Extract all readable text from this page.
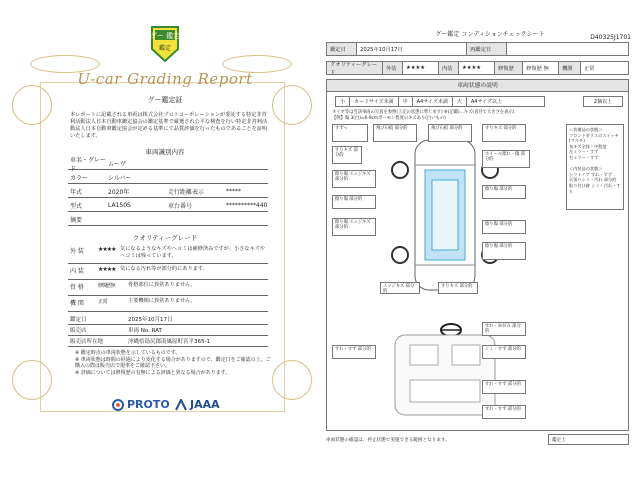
グー 鑑定
鑑定
U-car Grading Report
グー鑑定証
本レポートに記載される車両は株式会社プロトコーポレーションが委託する特定非営利活動法人日本自動車鑑定協会の鑑定基準で厳選され公平な検査を行い特定非営利活動法人日本自動車鑑定協会が定める基準にて品質評価を行ったものであることを証明いたします。
車両識別内容
車名・グレード
ムーヴ
カラー	シルバー
年式	2020年	走行距離表示	*****
型式	LA150S	車台番号	**********440
摘要
クオリティーグレード
外 装	★★★★ 気になるようなキズやヘコミは補修済みですが、小さなキズやヘコミは残っています。
内 装	★★★★ 気になる汚れ等が部分的にあります。
骨 格	修復歴 無	骨格部位に異常ありません。
機 関	正 常	主要機関に異常ありません。
鑑定日	2025年10月17日
販売店	車両 No. RAT
販売店所在地	沖縄県島尻郡南風原町宮平365-1
※ 鑑定時点の車両状態を示しているものです。
※ 車両状態は時間の経過により変化する場合がありますので、鑑定日をご確認の上、ご購入の際は販売店で現車をご確認下さい。
※ 評価については修復歴の有無による評価と異なる場合があります。
PROTO JAAA
グー鑑定 コンディションチェックシート	D40325J1701
鑑定日	2025年10月17日	再鑑定日
クオリティーグレード
外装	★★★★	内装	★★★★	修復歴	修復歴 無	機関	正常
車両状態の説明
小	カードサイズ未満	中	A4サイズ未満	大	A4サイズ以上	2個以上
タイヤ等は当該車両の写真を参照(上記の状態に準じます) ※(記載)…キズ(直径で大きさを表示)
【例】傷 3(白)=6-9cmボーモン程度のキズあり(白いもの)
すずっ	飛び石痕 部分的	飛び石痕 部分的	すりキズ 部分的
擦り傷 エッジキズ 部分的
すりキズ 部分的	ホイール擦れ・傷 部分的
擦り傷 エッジキズ 部分的
擦り傷 部分的
擦り傷 部分的
擦り傷 部分的
擦り傷 部分的
エッジキズ 部分的
すりキズ 部分的
すれ・ゆがみ 部分的
すれ・すず 部分的
すれ・すず 部分的
シミ・すず 部分的
すれ・すず 部分的
＜装備品の状態＞
フロントガラスのスイッチ(マルチ)
布キズ全体・中程度
左ミラー・すず
右ミラー・すず

＜内装品の状態＞
シフトノブ すれ・すず
天張りシミ・汚れ 部分的
取り付け跡 シミ・汚れ・すり
車両状態の確認は、停止状態で実施できる範囲となります。	鑑定士
